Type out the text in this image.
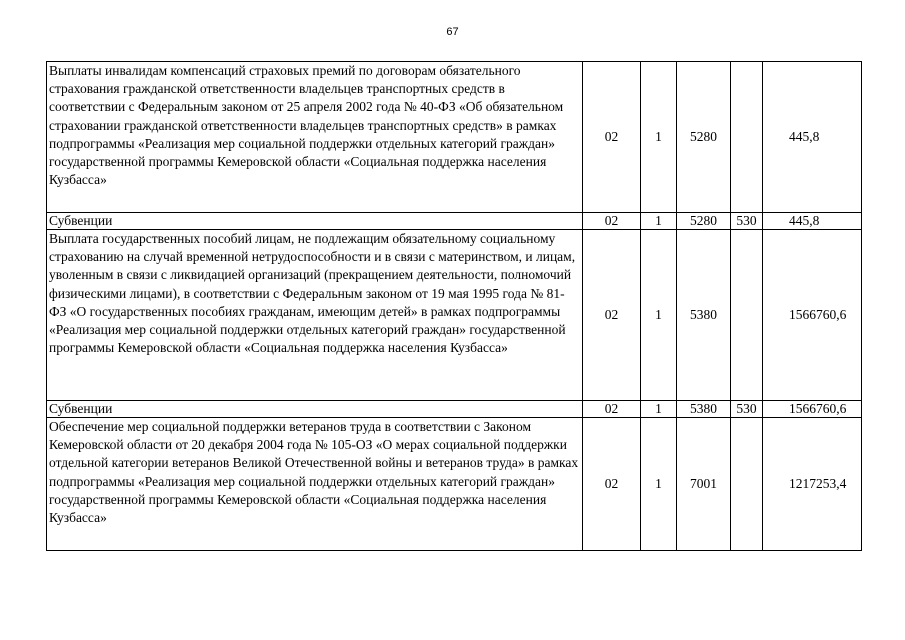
67
Выплаты инвалидам компенсаций страховых премий по договорам обязательного страхования гражданской ответственности владельцев транспортных средств в соответствии с Федеральным законом от 25 апреля 2002 года № 40-ФЗ «Об обязательном страховании гражданской ответственности владельцев транспортных средств» в рамках подпрограммы «Реализация мер социальной поддержки отдельных категорий граждан» государственной программы Кемеровской области «Социальная поддержка населения Кузбасса»	02	1	5280		445,8
Субвенции	02	1	5280	530	445,8
Выплата государственных пособий лицам, не подлежащим обязательному социальному страхованию на случай временной нетрудоспособности и в связи с материнством, и лицам, уволенным в связи с ликвидацией организаций (прекращением деятельности, полномочий физическими лицами), в соответствии с Федеральным законом от 19 мая 1995 года № 81-ФЗ «О государственных пособиях гражданам, имеющим детей» в рамках подпрограммы «Реализация мер социальной поддержки отдельных категорий граждан» государственной программы Кемеровской области «Социальная поддержка населения Кузбасса»	02	1	5380		1566760,6
Субвенции	02	1	5380	530	1566760,6
Обеспечение мер социальной поддержки ветеранов труда в соответствии с Законом Кемеровской области от 20 декабря 2004 года № 105-ОЗ «О мерах социальной поддержки отдельной категории ветеранов Великой Отечественной войны и ветеранов труда» в рамках подпрограммы «Реализация мер социальной поддержки отдельных категорий граждан» государственной программы Кемеровской области «Социальная поддержка населения Кузбасса»	02	1	7001		1217253,4
